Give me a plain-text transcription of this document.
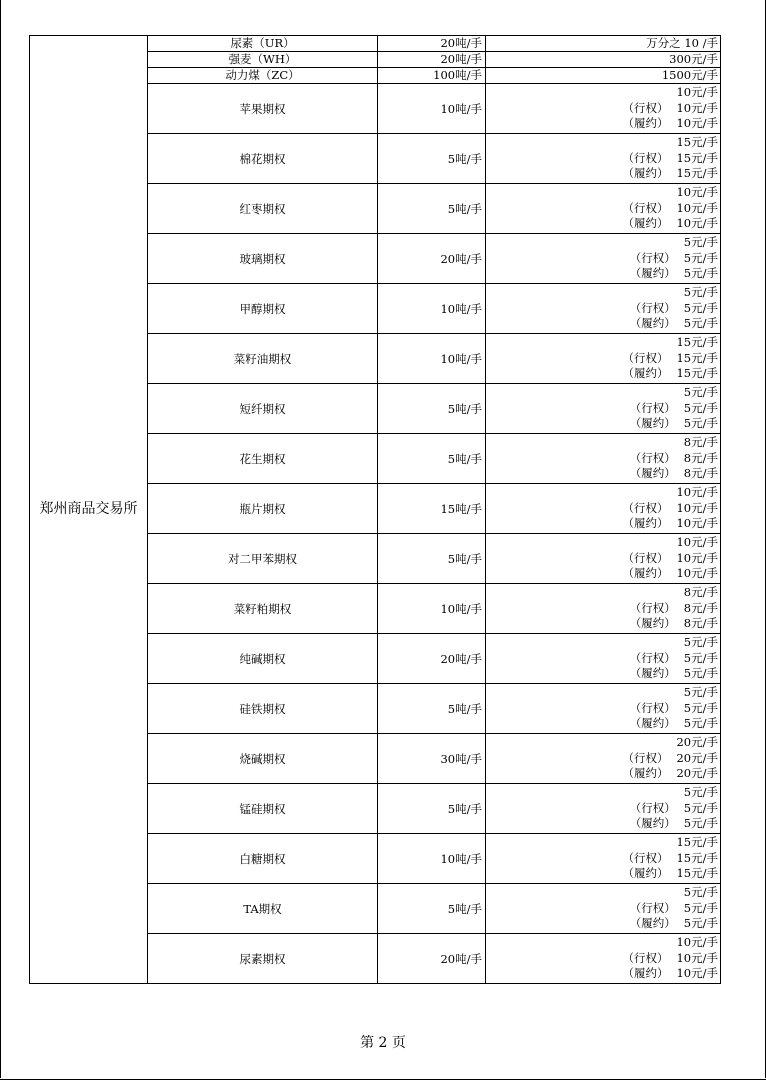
郑州商品交易所	尿素（UR）	20吨/手	万分之 10 /手
	强麦（WH）	20吨/手	300元/手
	动力煤（ZC）	100吨/手	1500元/手
	苹果期权	10吨/手	10元/手
（行权） 10元/手
（履约） 10元/手

	棉花期权	5吨/手	15元/手
（行权） 15元/手
（履约） 15元/手

	红枣期权	5吨/手	10元/手
（行权） 10元/手
（履约） 10元/手

	玻璃期权	20吨/手	5元/手
（行权） 5元/手
（履约） 5元/手

	甲醇期权	10吨/手	5元/手
（行权） 5元/手
（履约） 5元/手

	菜籽油期权	10吨/手	15元/手
（行权） 15元/手
（履约） 15元/手

	短纤期权	5吨/手	5元/手
（行权） 5元/手
（履约） 5元/手

	花生期权	5吨/手	8元/手
（行权） 8元/手
（履约） 8元/手

	瓶片期权	15吨/手	10元/手
（行权） 10元/手
（履约） 10元/手

	对二甲苯期权	5吨/手	10元/手
（行权） 10元/手
（履约） 10元/手

	菜籽粕期权	10吨/手	8元/手
（行权） 8元/手
（履约） 8元/手

	纯碱期权	20吨/手	5元/手
（行权） 5元/手
（履约） 5元/手

	硅铁期权	5吨/手	5元/手
（行权） 5元/手
（履约） 5元/手

	烧碱期权	30吨/手	20元/手
（行权） 20元/手
（履约） 20元/手

	锰硅期权	5吨/手	5元/手
（行权） 5元/手
（履约） 5元/手

	白糖期权	10吨/手	15元/手
（行权） 15元/手
（履约） 15元/手

	TA期权	5吨/手	5元/手
（行权） 5元/手
（履约） 5元/手

	尿素期权	20吨/手	10元/手
（行权） 10元/手
（履约） 10元/手
第 2 页
